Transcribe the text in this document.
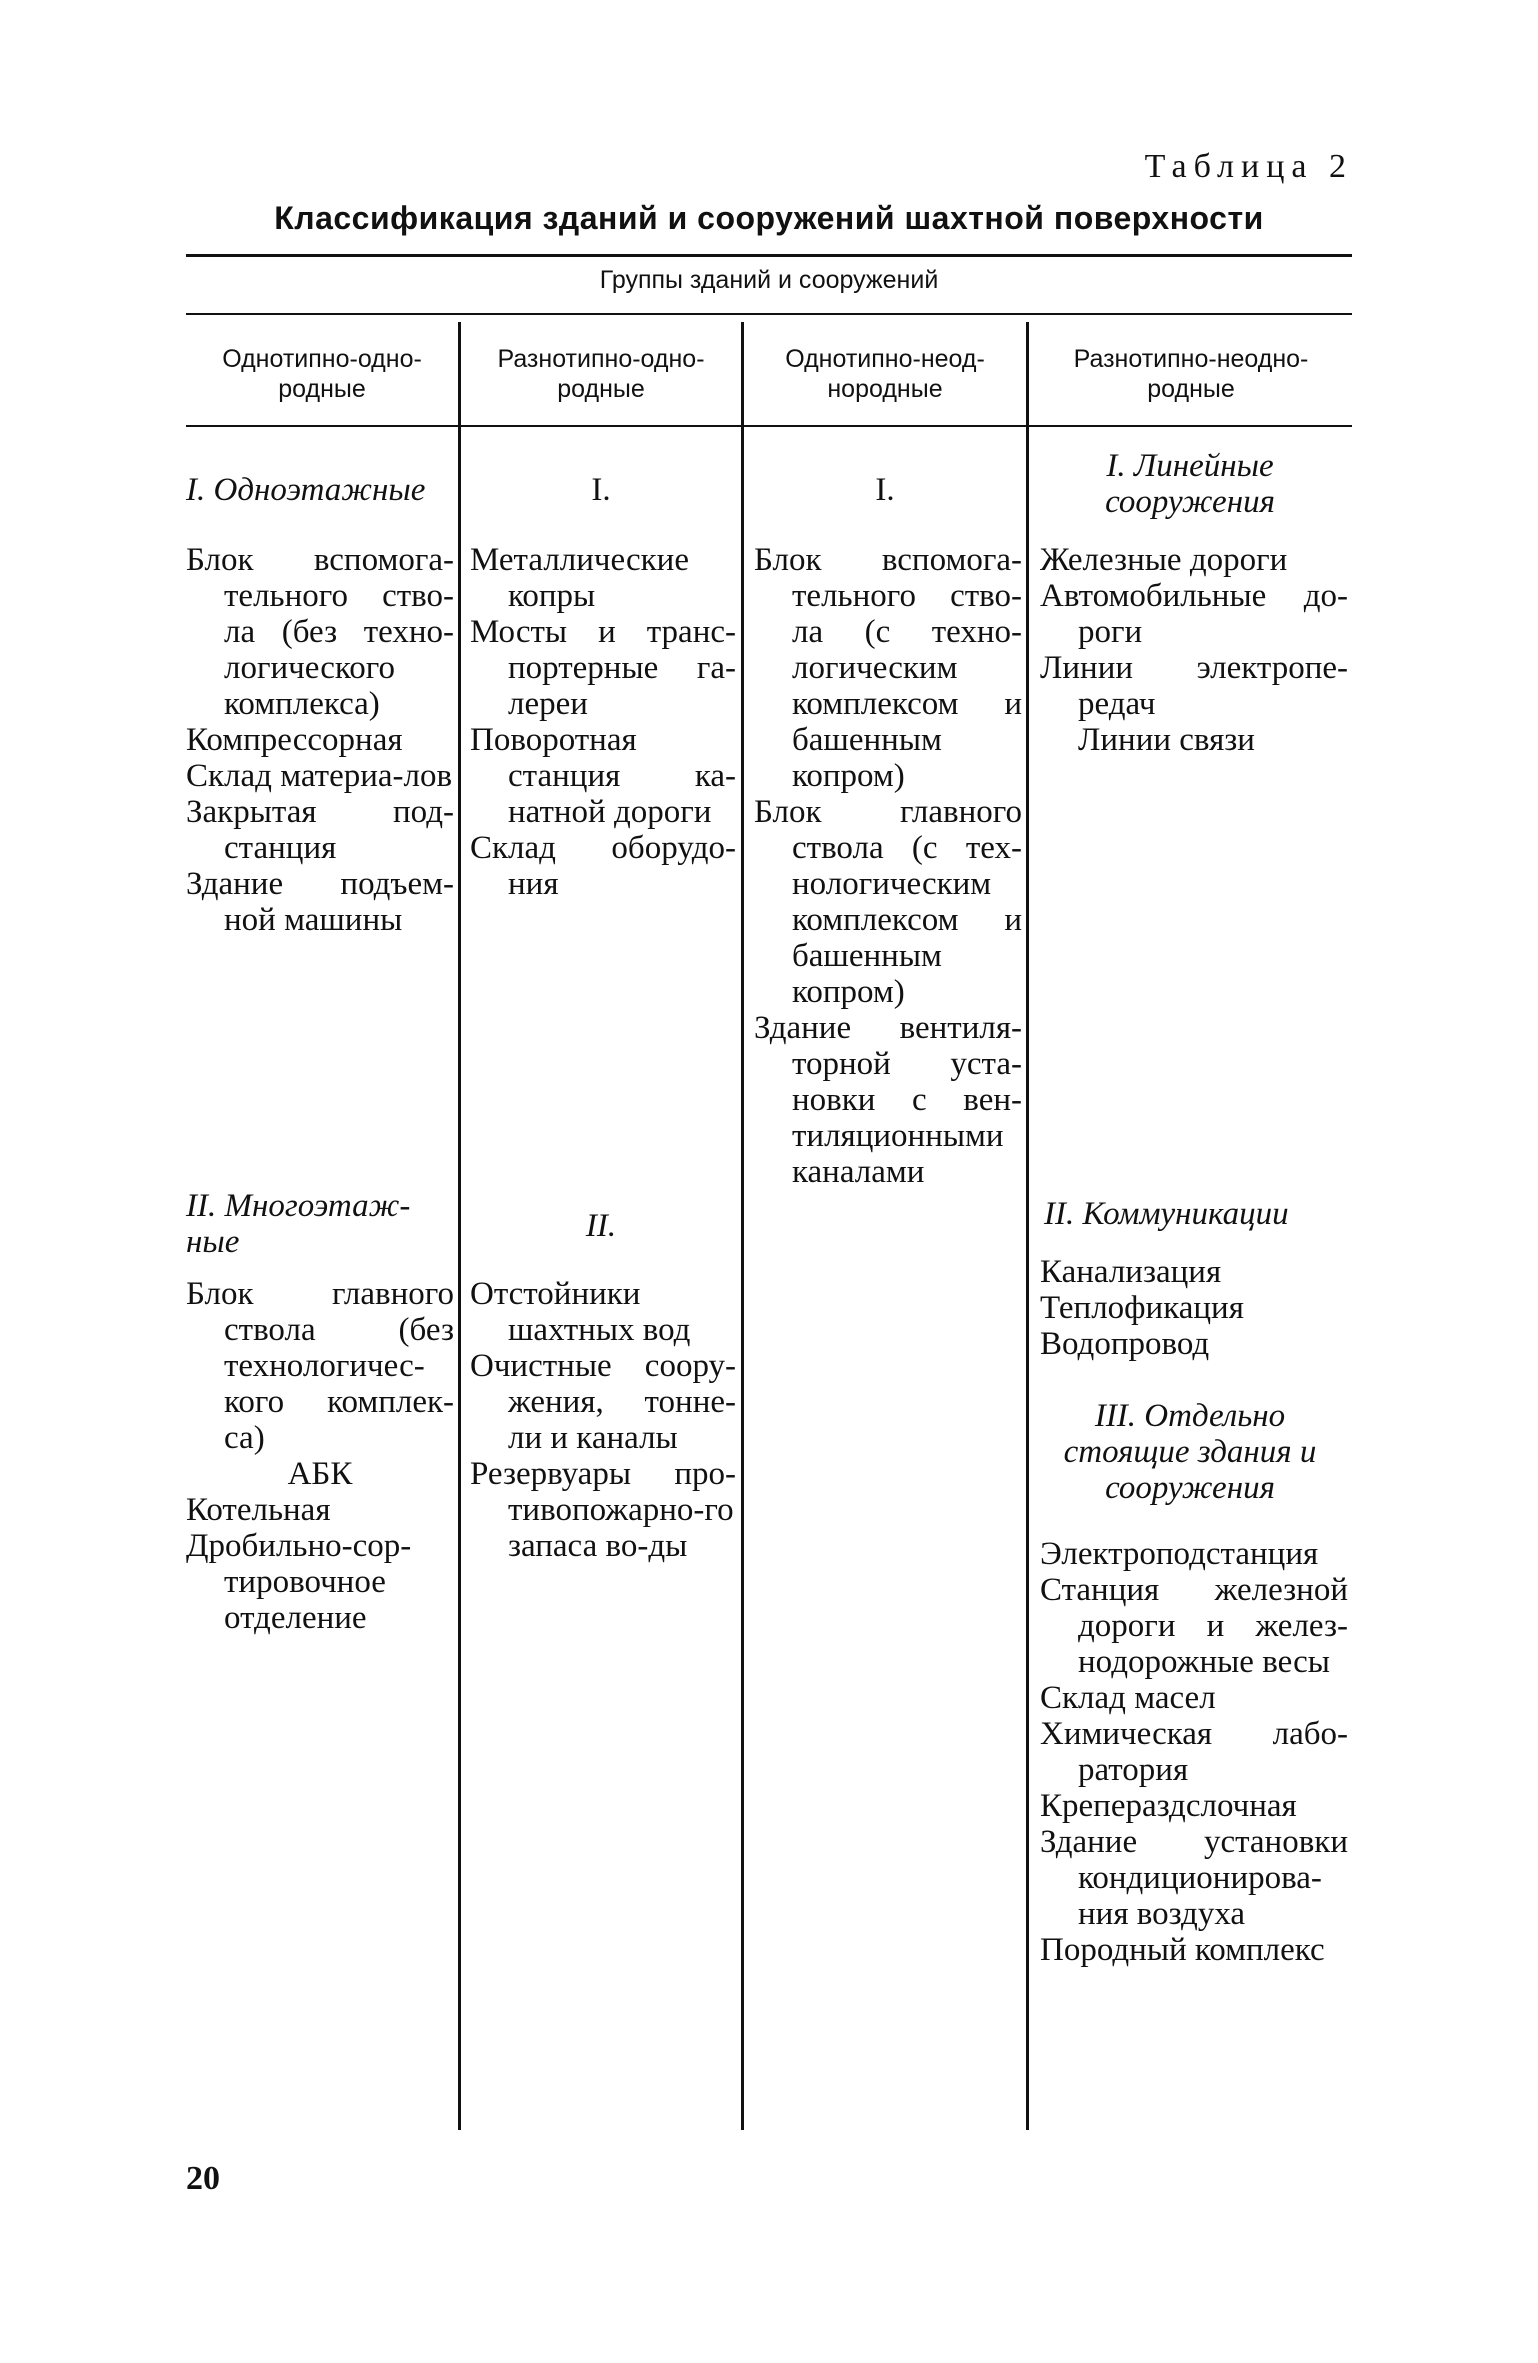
Таблица 2
Классификация зданий и сооружений шахтной поверхности
Группы зданий и сооружений
Однотипно-одно-родные
Разнотипно-одно-родные
Однотипно-неод-нородные
Разнотипно-неодно-родные
I. Одноэтажные
Блок вспомога-тельного ство-ла (без техно-логического комплекса)
Компрессорная
Склад материа-лов
Закрытая под-станция
Здание подъем-ной машины
II. Многоэтаж-ные
Блок главного ствола (без технологичес-кого комплек-са)
АБК
Котельная
Дробильно-сор-тировочное отделение
I.
Металлические копры
Мосты и транс-портерные га-лереи
Поворотная станция ка-натной дороги
Склад оборудо-ния
II.
Отстойники шахтных вод
Очистные соору-жения, тонне-ли и каналы
Резервуары про-тивопожарно-го запаса во-ды
I.
Блок вспомога-тельного ство-ла (с техно-логическим комплексом и башенным копром)
Блок главного ствола (с тех-нологическим комплексом и башенным копром)
Здание вентиля-торной уста-новки с вен-тиляционными каналами
I. Линейные сооружения
Железные дороги
Автомобильные до-роги
Линии электропе-редач
Линии связи
II. Коммуникации
Канализация
Теплофикация
Водопровод
III. Отдельно стоящие здания и сооружения
Электроподстанция
Станция железной дороги и желез-нодорожные весы
Склад масел
Химическая лабо-ратория
Крепераздслочная
Здание установки кондиционирова-ния воздуха
Породный комплекс
20
